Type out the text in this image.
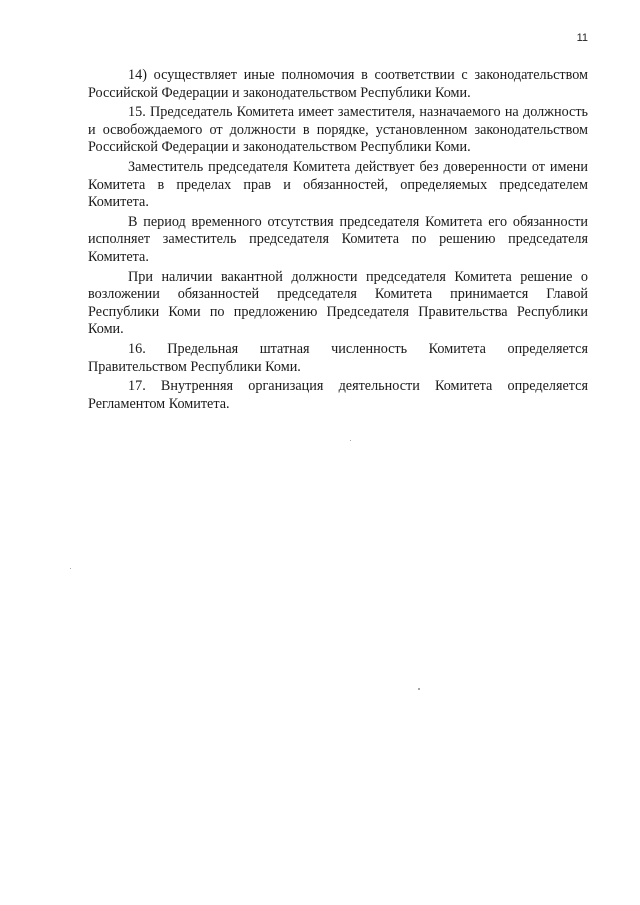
11

14) осуществляет иные полномочия в соответствии с законодательством Российской Федерации и законодательством Республики Коми.

15. Председатель Комитета имеет заместителя, назначаемого на должность и освобождаемого от должности в порядке, установленном законодательством Российской Федерации и законодательством Республики Коми.

Заместитель председателя Комитета действует без доверенности от имени Комитета в пределах прав и обязанностей, определяемых председателем Комитета.

В период временного отсутствия председателя Комитета его обязанности исполняет заместитель председателя Комитета по решению председателя Комитета.

При наличии вакантной должности председателя Комитета решение о возложении обязанностей председателя Комитета принимается Главой Республики Коми по предложению Председателя Правительства Республики Коми.

16. Предельная штатная численность Комитета определяется Правительством Республики Коми.

17. Внутренняя организация деятельности Комитета определяется Регламентом Комитета.
